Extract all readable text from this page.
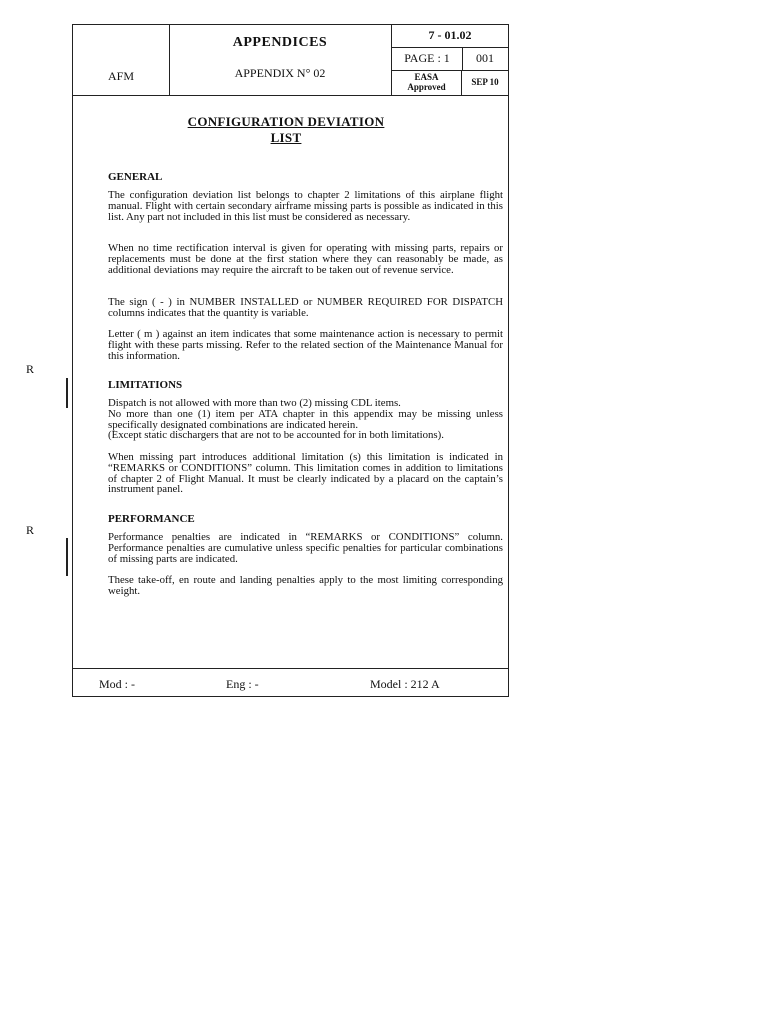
AFM
APPENDICES
APPENDIX N° 02
7 - 01.02
PAGE : 1	001
EASA
Approved	SEP 10
CONFIGURATION DEVIATION
LIST
GENERAL

The configuration deviation list belongs to chapter 2 limitations of this airplane flight manual. Flight with certain secondary airframe missing parts is possible as indicated in this list. Any part not included in this list must be considered as necessary.

When no time rectification interval is given for operating with missing parts, repairs or replacements must be done at the first station where they can reasonably be made, as additional deviations may require the aircraft to be taken out of revenue service.

The sign ( - ) in NUMBER INSTALLED or NUMBER REQUIRED FOR DISPATCH columns indicates that the quantity is variable.

Letter ( m ) against an item indicates that some maintenance action is necessary to permit flight with these parts missing. Refer to the related section of the Maintenance Manual for this information.

LIMITATIONS
Dispatch is not allowed with more than two (2) missing CDL items.
No more than one (1) item per ATA chapter in this appendix may be missing unless specifically designated combinations are indicated herein.
(Except static dischargers that are not to be accounted for in both limitations).

When missing part introduces additional limitation (s) this limitation is indicated in “REMARKS or CONDITIONS” column. This limitation comes in addition to limitations of chapter 2 of Flight Manual. It must be clearly indicated by a placard on the captain’s instrument panel.

PERFORMANCE

Performance penalties are indicated in “REMARKS or CONDITIONS” column. Performance penalties are cumulative unless specific penalties for particular combinations of missing parts are indicated.

These take-off, en route and landing penalties apply to the most limiting corresponding weight.

R
R
Mod : -	Eng : -	Model : 212 A
